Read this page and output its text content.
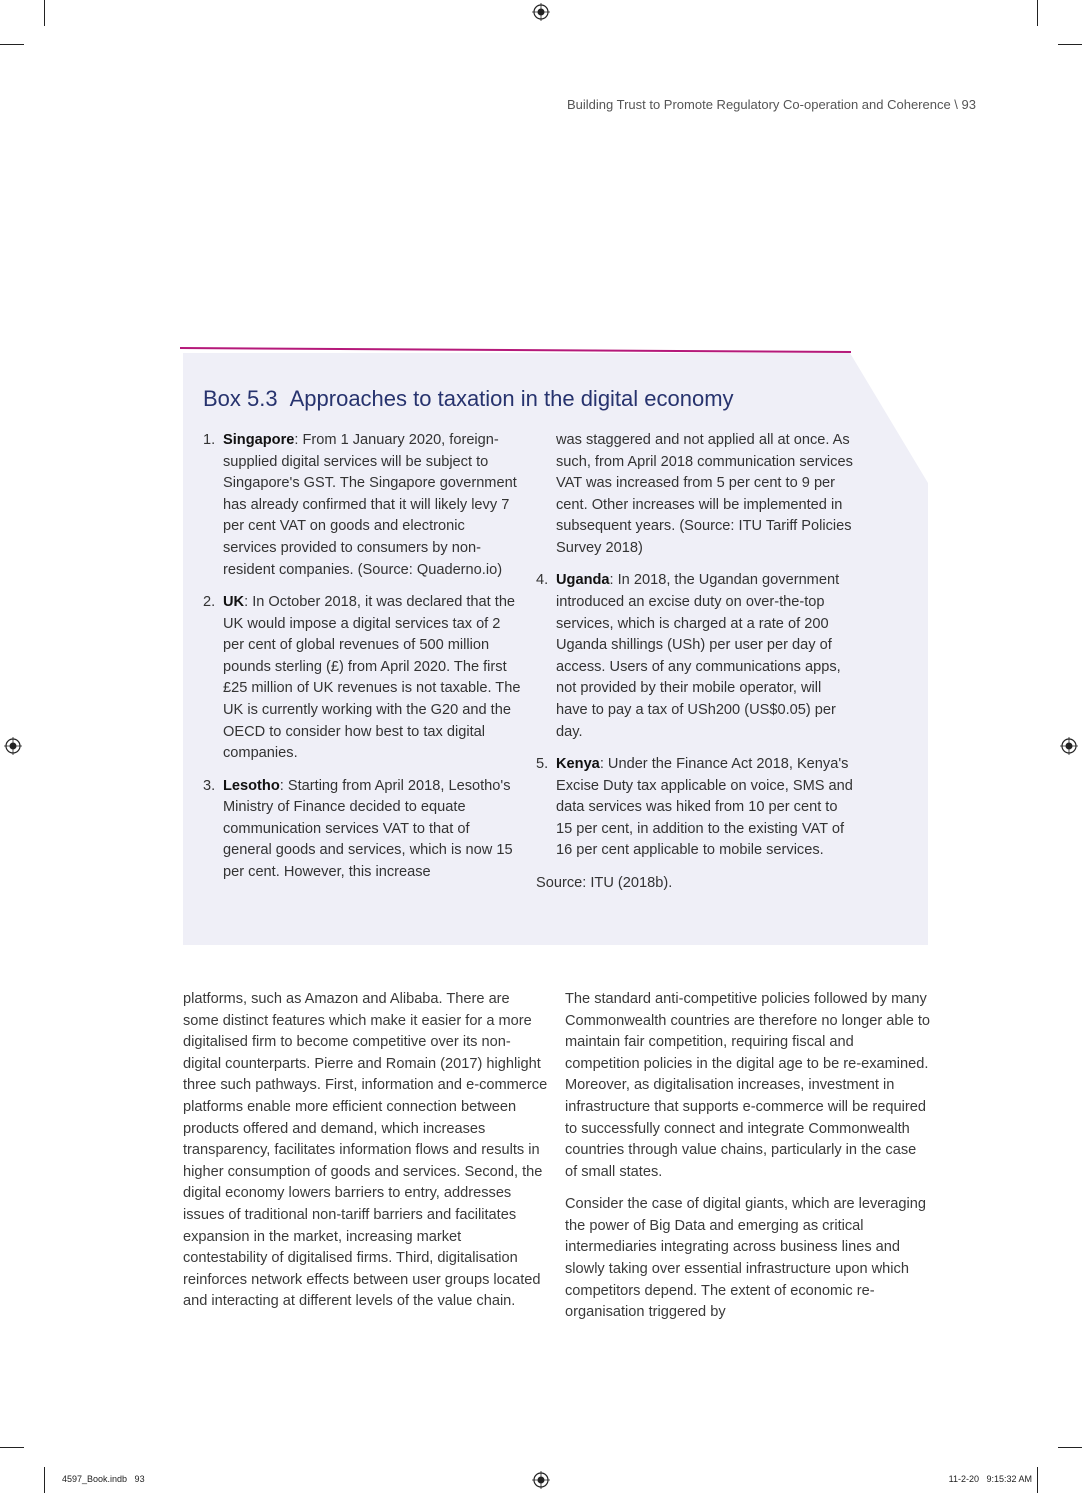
Building Trust to Promote Regulatory Co-operation and Coherence \ 93
Box 5.3 Approaches to taxation in the digital economy
1. Singapore: From 1 January 2020, foreign-supplied digital services will be subject to Singapore's GST. The Singapore government has already confirmed that it will likely levy 7 per cent VAT on goods and electronic services provided to consumers by non-resident companies. (Source: Quaderno.io)
2. UK: In October 2018, it was declared that the UK would impose a digital services tax of 2 per cent of global revenues of 500 million pounds sterling (£) from April 2020. The first £25 million of UK revenues is not taxable. The UK is currently working with the G20 and the OECD to consider how best to tax digital companies.
3. Lesotho: Starting from April 2018, Lesotho's Ministry of Finance decided to equate communication services VAT to that of general goods and services, which is now 15 per cent. However, this increase
was staggered and not applied all at once. As such, from April 2018 communication services VAT was increased from 5 per cent to 9 per cent. Other increases will be implemented in subsequent years. (Source: ITU Tariff Policies Survey 2018)
4. Uganda: In 2018, the Ugandan government introduced an excise duty on over-the-top services, which is charged at a rate of 200 Uganda shillings (USh) per user per day of access. Users of any communications apps, not provided by their mobile operator, will have to pay a tax of USh200 (US$0.05) per day.
5. Kenya: Under the Finance Act 2018, Kenya's Excise Duty tax applicable on voice, SMS and data services was hiked from 10 per cent to 15 per cent, in addition to the existing VAT of 16 per cent applicable to mobile services.
Source: ITU (2018b).

platforms, such as Amazon and Alibaba. There are some distinct features which make it easier for a more digitalised firm to become competitive over its non-digital counterparts. Pierre and Romain (2017) highlight three such pathways. First, information and e-commerce platforms enable more efficient connection between products offered and demand, which increases transparency, facilitates information flows and results in higher consumption of goods and services. Second, the digital economy lowers barriers to entry, addresses issues of traditional non-tariff barriers and facilitates expansion in the market, increasing market contestability of digitalised firms. Third, digitalisation reinforces network effects between user groups located and interacting at different levels of the value chain.

The standard anti-competitive policies followed by many Commonwealth countries are therefore no longer able to maintain fair competition, requiring fiscal and competition policies in the digital age to be re-examined. Moreover, as digitalisation increases, investment in infrastructure that supports e-commerce will be required to successfully connect and integrate Commonwealth countries through value chains, particularly in the case of small states.

Consider the case of digital giants, which are leveraging the power of Big Data and emerging as critical intermediaries integrating across business lines and slowly taking over essential infrastructure upon which competitors depend. The extent of economic re-organisation triggered by

4597_Book.indb   93	11-2-20   9:15:32 AM
